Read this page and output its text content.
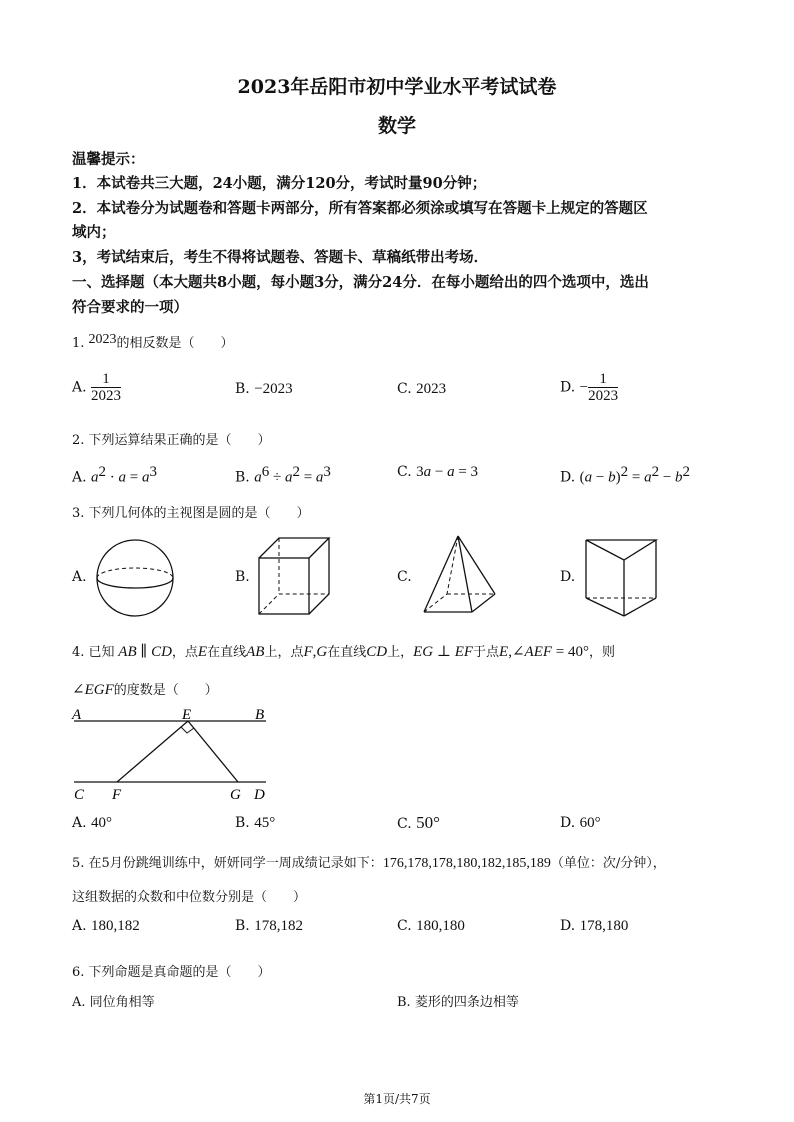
2023年岳阳市初中学业水平考试试卷
数学
温馨提示：
1．本试卷共三大题，24小题，满分120分，考试时量90分钟；
2．本试卷分为试题卷和答题卡两部分，所有答案都必须涂或填写在答题卡上规定的答题区
域内；
3，考试结束后，考生不得将试题卷、答题卡、草稿纸带出考场．
一、选择题（本大题共8小题，每小题3分，满分24分．在每小题给出的四个选项中，选出
符合要求的一项）
1. 2023的相反数是（　　）
A. $\frac{1}{2023}$	B. −2023	C. 2023	D. − $\frac{1}{2023}$
2. 下列运算结果正确的是（　　）
A. $a^2 \cdot a = a^3$	B. $a^6 \div a^2 = a^3$	C. 3a − a = 3	D. $(a - b)^2 = a^2 - b^2$
3. 下列几何体的主视图是圆的是（　　）
A.	B.	C.	D.
4. 已知 AB ∥ CD，点E在直线AB上，点F,G在直线CD上，EG ⊥ EF于点E,∠AEF = 40°，则
∠EGF的度数是（　　）
A	E	B
C F	G D
A. 40°	B. 45°	C. 50°	D. 60°
5. 在5月份跳绳训练中，妍妍同学一周成绩记录如下：176,178,178,180,182,185,189（单位：次/分钟），
这组数据的众数和中位数分别是（　　）
A. 180,182	B. 178,182	C. 180,180	D. 178,180
6. 下列命题是真命题的是（　　）
A. 同位角相等	B. 菱形的四条边相等
第1页/共7页
